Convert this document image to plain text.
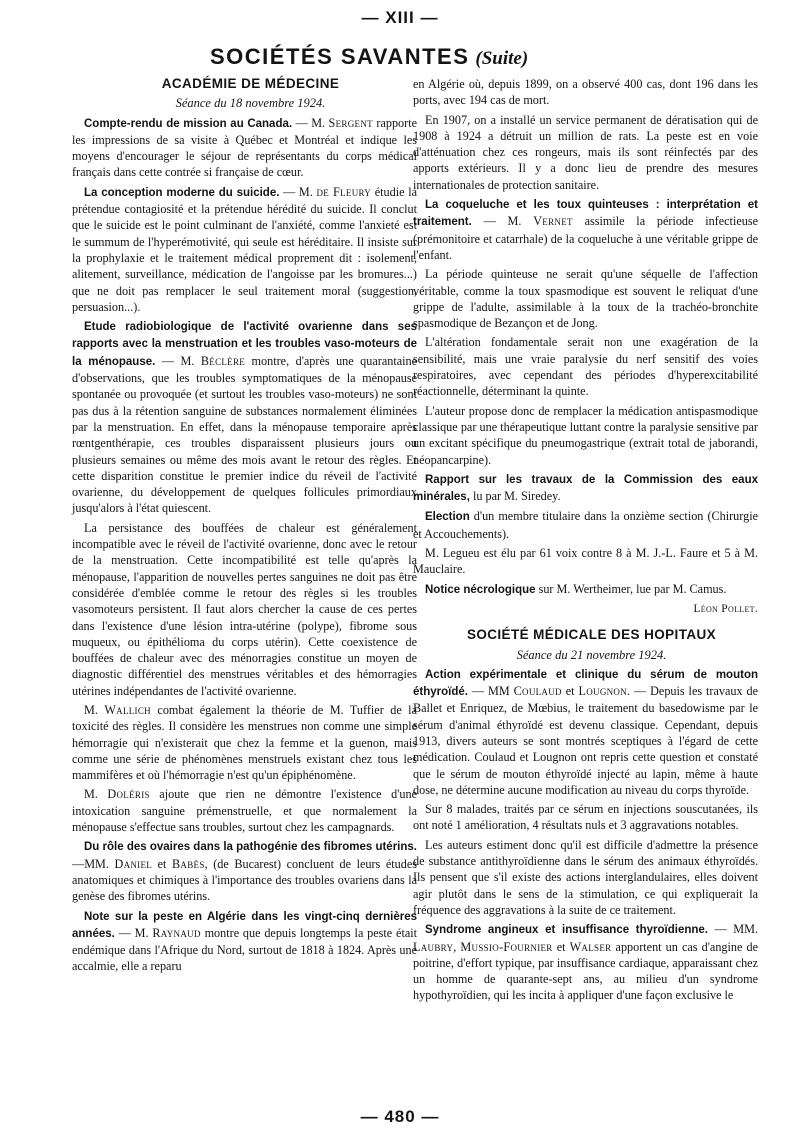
— XIII —
SOCIÉTÉS SAVANTES (Suite)

ACADÉMIE DE MÉDECINE

Séance du 18 novembre 1924.

Compte-rendu de mission au Canada. — M. Sergent rapporte les impressions de sa visite à Québec et Montréal et indique les moyens d'encourager le séjour de représentants du corps médical français dans cette contrée si française de cœur.

La conception moderne du suicide. — M. de Fleury étudie la prétendue contagiosité et la prétendue hérédité du suicide. Il conclut que le suicide est le point culminant de l'anxiété, comme l'anxieté est le summum de l'hyperémotivité, qui seule est héréditaire. Il insiste sur la prophylaxie et le traitement médical proprement dit : isolement, alitement, surveillance, médication de l'angoisse par les bromures...) que ne doit pas remplacer le seul traitement moral (suggestion, persuasion...).

Etude radiobiologique de l'activité ovarienne dans ses rapports avec la menstruation et les troubles vaso-moteurs de la ménopause. — M. Béclère montre, d'après une quarantaine d'observations, que les troubles symptomatiques de la ménopause spontanée ou provoquée (et surtout les troubles vaso-moteurs) ne sont pas dus à la rétention sanguine de substances normalement éliminées par la menstruation. En effet, dans la ménopause temporaire après rœntgenthérapie, ces troubles disparaissent plusieurs jours ou plusieurs semaines ou même des mois avant le retour des règles. Et cette disparition constitue le premier indice du réveil de l'activité ovarienne, du développement de quelques follicules primordiaux jusqu'alors à l'état quiescent.

La persistance des bouffées de chaleur est généralement incompatible avec le réveil de l'activité ovarienne, donc avec le retour de la menstruation. Cette incompatibilité est telle qu'après la ménopause, l'apparition de nouvelles pertes sanguines ne doit pas être considérée d'emblée comme le retour des règles si les troubles vasomoteurs persistent. Il faut alors chercher la cause de ces pertes dans l'existence d'une lésion intra-utérine (polype), fibrome sous muqueux, ou épithélioma du corps utérin). Cette coexistence de bouffées de chaleur avec des ménorragies constitue un moyen de diagnostic différentiel des menstrues véritables et des hémorragies utérines indépendantes de l'activité ovarienne.

M. Wallich combat également la théorie de M. Tuffier de la toxicité des règles. Il considère les menstrues non comme une simple hémorragie qui n'existerait que chez la femme et la guenon, mais comme une série de phénomènes menstruels existant chez tous les mammifères et où l'hémorragie n'est qu'un épiphénomène.

M. Doléris ajoute que rien ne démontre l'existence d'une intoxication sanguine prémenstruelle, et que normalement la ménopause s'effectue sans troubles, surtout chez les campagnards.

Du rôle des ovaires dans la pathogénie des fibromes utérins. —MM. Daniel et Babès, (de Bucarest) concluent de leurs études anatomiques et chimiques à l'importance des troubles ovariens dans la genèse des fibromes utérins.

Note sur la peste en Algérie dans les vingt-cinq dernières années. — M. Raynaud montre que depuis longtemps la peste était endémique dans l'Afrique du Nord, surtout de 1818 à 1824. Après une accalmie, elle a reparu

en Algérie où, depuis 1899, on a observé 400 cas, dont 196 dans les ports, avec 194 cas de mort.

En 1907, on a installé un service permanent de dératisation qui de 1908 à 1924 a détruit un million de rats. La peste est en voie d'atténuation chez ces rongeurs, mais ils sont réinfectés par des apports extérieurs. Il y a donc lieu de prendre des mesures internationales de protection sanitaire.

La coqueluche et les toux quinteuses : interprétation et traitement. — M. Vernet assimile la période infectieuse (prémonitoire et catarrhale) de la coqueluche à une véritable grippe de l'enfant.

La période quinteuse ne serait qu'une séquelle de l'affection véritable, comme la toux spasmodique est souvent le reliquat d'une grippe de l'adulte, assimilable à la toux de la trachéo-bronchite spasmodique de Bezançon et de Jong.

L'altération fondamentale serait non une exagération de la sensibilité, mais une vraie paralysie du nerf sensitif des voies respiratoires, avec cependant des périodes d'hyperexcitabilité réactionnelle, déterminant la quinte.

L'auteur propose donc de remplacer la médication antispasmodique classique par une thérapeutique luttant contre la paralysie sensitive par un excitant spécifique du pneumogastrique (extrait total de jaborandi, néopancarpine).

Rapport sur les travaux de la Commission des eaux minérales, lu par M. Siredey.

Election d'un membre titulaire dans la onzième section (Chirurgie et Accouchements).

M. Legueu est élu par 61 voix contre 8 à M. J.-L. Faure et 5 à M. Mauclaire.

Notice nécrologique sur M. Wertheimer, lue par M. Camus.

Léon Pollet.

SOCIÉTÉ MÉDICALE DES HOPITAUX

Séance du 21 novembre 1924.

Action expérimentale et clinique du sérum de mouton éthyroïdé. — MM Coulaud et Lougnon. — Depuis les travaux de Ballet et Enriquez, de Mœbius, le traitement du basedowisme par le sérum d'animal éthyroïdé est devenu classique. Cependant, depuis 1913, divers auteurs se sont montrés sceptiques à l'égard de cette médication. Coulaud et Lougnon ont repris cette question et constaté que le sérum de mouton éthyroïdé injecté au lapin, même à haute dose, ne détermine aucune modification au niveau du corps thyroïde.

Sur 8 malades, traités par ce sérum en injections souscutanées, ils ont noté 1 amélioration, 4 résultats nuls et 3 aggravations notables.

Les auteurs estiment donc qu'il est difficile d'admettre la présence de substance antithyroïdienne dans le sérum des animaux éthyroïdés. Ils pensent que s'il existe des actions interglandulaires, elles doivent agir plutôt dans le sens de la stimulation, ce qui expliquerait la fréquence des aggravations à la suite de ce traitement.

Syndrome angineux et insuffisance thyroïdienne. — MM. Laubry, Mussio-Fournier et Walser apportent un cas d'angine de poitrine, d'effort typique, par insuffisance cardiaque, apparaissant chez un homme de quarante-sept ans, au milieu d'un syndrome hypothyroïdien, qui les incita à appliquer d'une façon exclusive le

— 480 —
